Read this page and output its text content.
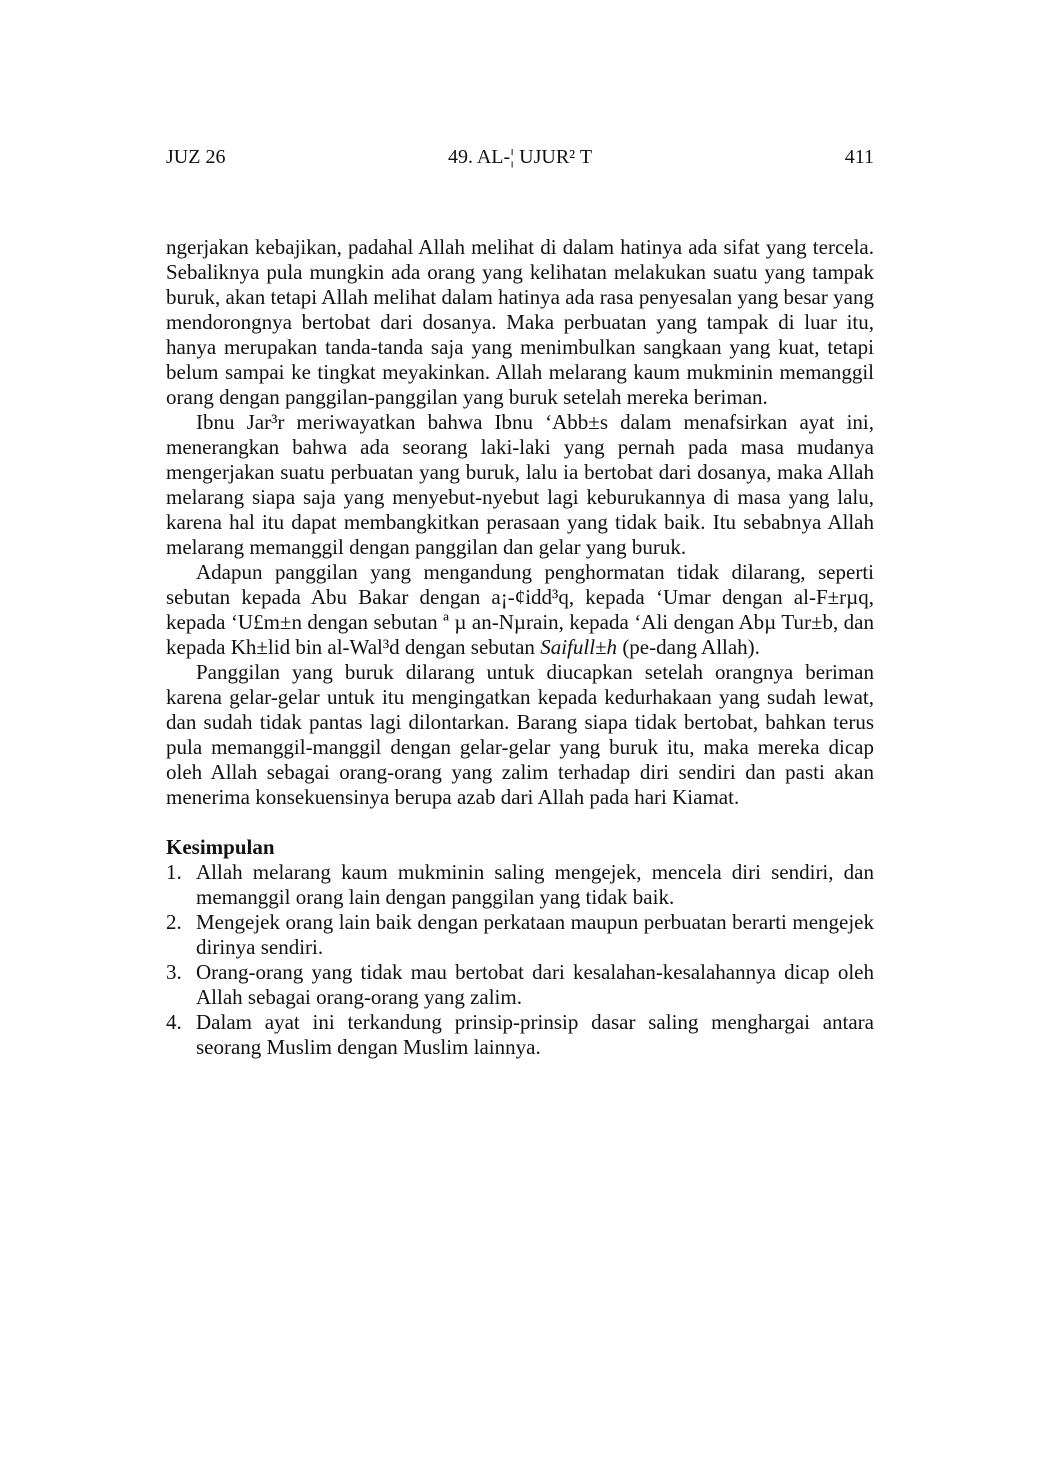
JUZ 26	49. AL-¦ UJUR² T	411

ngerjakan kebajikan, padahal Allah melihat di dalam hatinya ada sifat yang tercela. Sebaliknya pula mungkin ada orang yang kelihatan melakukan suatu yang tampak buruk, akan tetapi Allah melihat dalam hatinya ada rasa penyesalan yang besar yang mendorongnya bertobat dari dosanya. Maka perbuatan yang tampak di luar itu, hanya merupakan tanda-tanda saja yang menimbulkan sangkaan yang kuat, tetapi belum sampai ke tingkat meyakinkan. Allah melarang kaum mukminin memanggil orang dengan panggilan-panggilan yang buruk setelah mereka beriman.

Ibnu Jar³r meriwayatkan bahwa Ibnu ‘Abb±s dalam menafsirkan ayat ini, menerangkan bahwa ada seorang laki-laki yang pernah pada masa mudanya mengerjakan suatu perbuatan yang buruk, lalu ia bertobat dari dosanya, maka Allah melarang siapa saja yang menyebut-nyebut lagi keburukannya di masa yang lalu, karena hal itu dapat membangkitkan perasaan yang tidak baik. Itu sebabnya Allah melarang memanggil dengan panggilan dan gelar yang buruk.

Adapun panggilan yang mengandung penghormatan tidak dilarang, seperti sebutan kepada Abu Bakar dengan a¡-¢idd³q, kepada ‘Umar dengan al-F±rµq, kepada ‘U£m±n dengan sebutan ª µ an-Nµrain, kepada ‘Ali dengan Abµ Tur±b, dan kepada Kh±lid bin al-Wal³d dengan sebutan Saifull±h (pe-dang Allah).

Panggilan yang buruk dilarang untuk diucapkan setelah orangnya beriman karena gelar-gelar untuk itu mengingatkan kepada kedurhakaan yang sudah lewat, dan sudah tidak pantas lagi dilontarkan. Barang siapa tidak bertobat, bahkan terus pula memanggil-manggil dengan gelar-gelar yang buruk itu, maka mereka dicap oleh Allah sebagai orang-orang yang zalim terhadap diri sendiri dan pasti akan menerima konsekuensinya berupa azab dari Allah pada hari Kiamat.

Kesimpulan
1. Allah melarang kaum mukminin saling mengejek, mencela diri sendiri, dan memanggil orang lain dengan panggilan yang tidak baik.
2. Mengejek orang lain baik dengan perkataan maupun perbuatan berarti mengejek dirinya sendiri.
3. Orang-orang yang tidak mau bertobat dari kesalahan-kesalahannya dicap oleh Allah sebagai orang-orang yang zalim.
4. Dalam ayat ini terkandung prinsip-prinsip dasar saling menghargai antara seorang Muslim dengan Muslim lainnya.
